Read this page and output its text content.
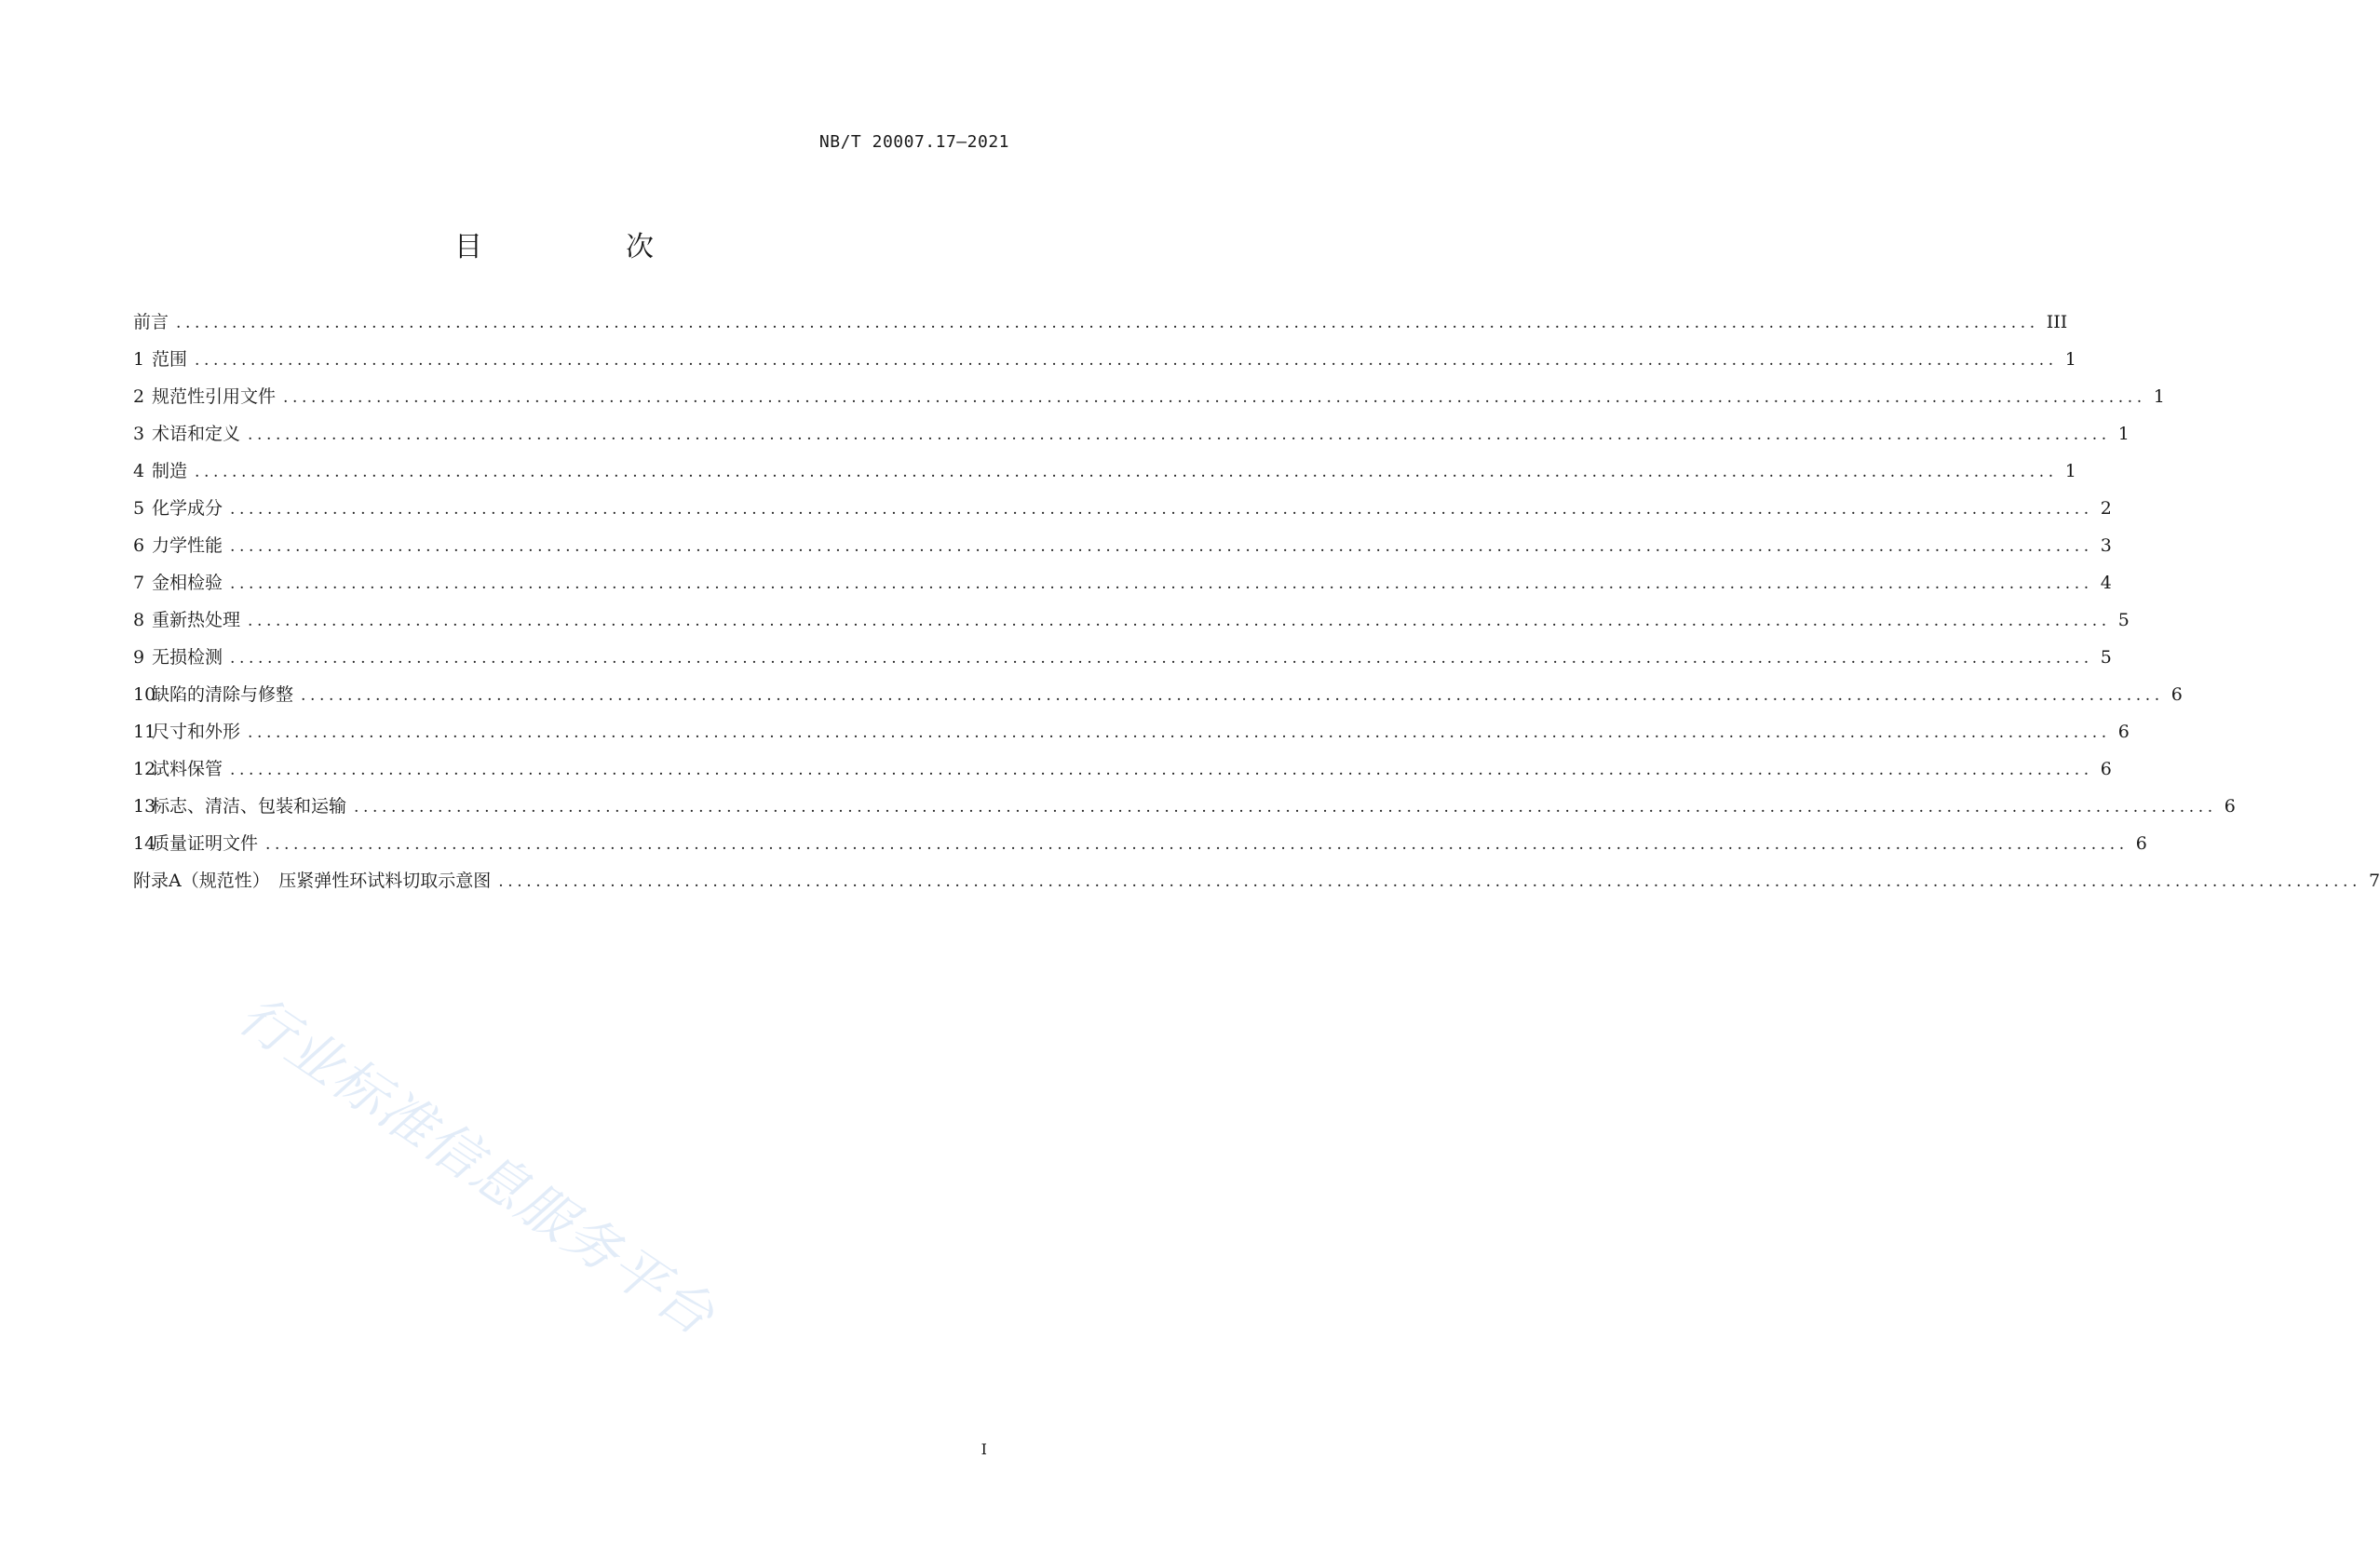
NB/T 20007.17—2021
目　次
前言 ........................................................................................................................................................................................................ III
1 范围 ........................................................................................................................................................................................................ 1
2 规范性引用文件 ........................................................................................................................................................................................................ 1
3 术语和定义 ........................................................................................................................................................................................................ 1
4 制造 ........................................................................................................................................................................................................ 1
5 化学成分 ........................................................................................................................................................................................................ 2
6 力学性能 ........................................................................................................................................................................................................ 3
7 金相检验 ........................................................................................................................................................................................................ 4
8 重新热处理 ........................................................................................................................................................................................................ 5
9 无损检测 ........................................................................................................................................................................................................ 5
10
缺陷的清除与修整 ........................................................................................................................................................................................................ 6
11
尺寸和外形 ........................................................................................................................................................................................................ 6
12
试料保管 ........................................................................................................................................................................................................ 6
13
标志、清洁、包装和运输 ........................................................................................................................................................................................................ 6
14
质量证明文件 ........................................................................................................................................................................................................ 6
附录A（规范性）　压紧弹性环试料切取示意图 ........................................................................................................................................................................................................ 7
行业标准信息服务平台
I
